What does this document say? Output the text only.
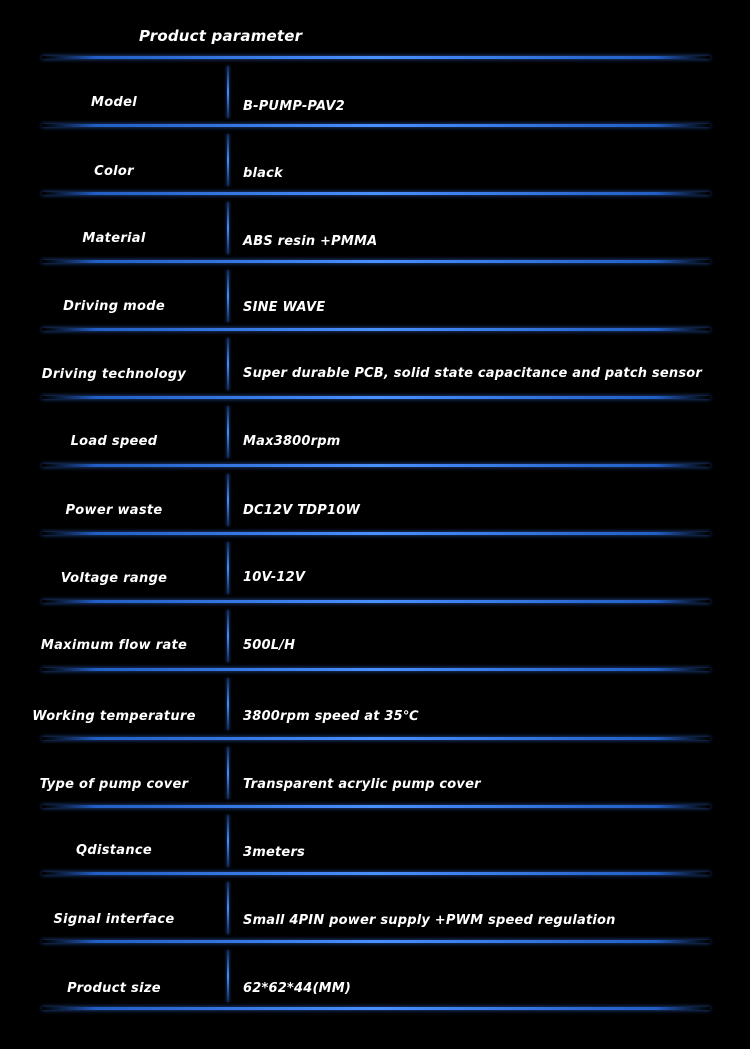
Product parameter
Model	B-PUMP-PAV2
Color	black
Material	ABS resin +PMMA
Driving mode	SINE WAVE
Driving technology	Super durable PCB, solid state capacitance and patch sensor
Load speed	Max3800rpm
Power waste	DC12V TDP10W
Voltage range	10V-12V
Maximum flow rate	500L/H
Working temperature	3800rpm speed at 35℃
Type of pump cover	Transparent acrylic pump cover
Qdistance	3meters
Signal interface	Small 4PIN power supply +PWM speed regulation
Product size	62*62*44(MM)
